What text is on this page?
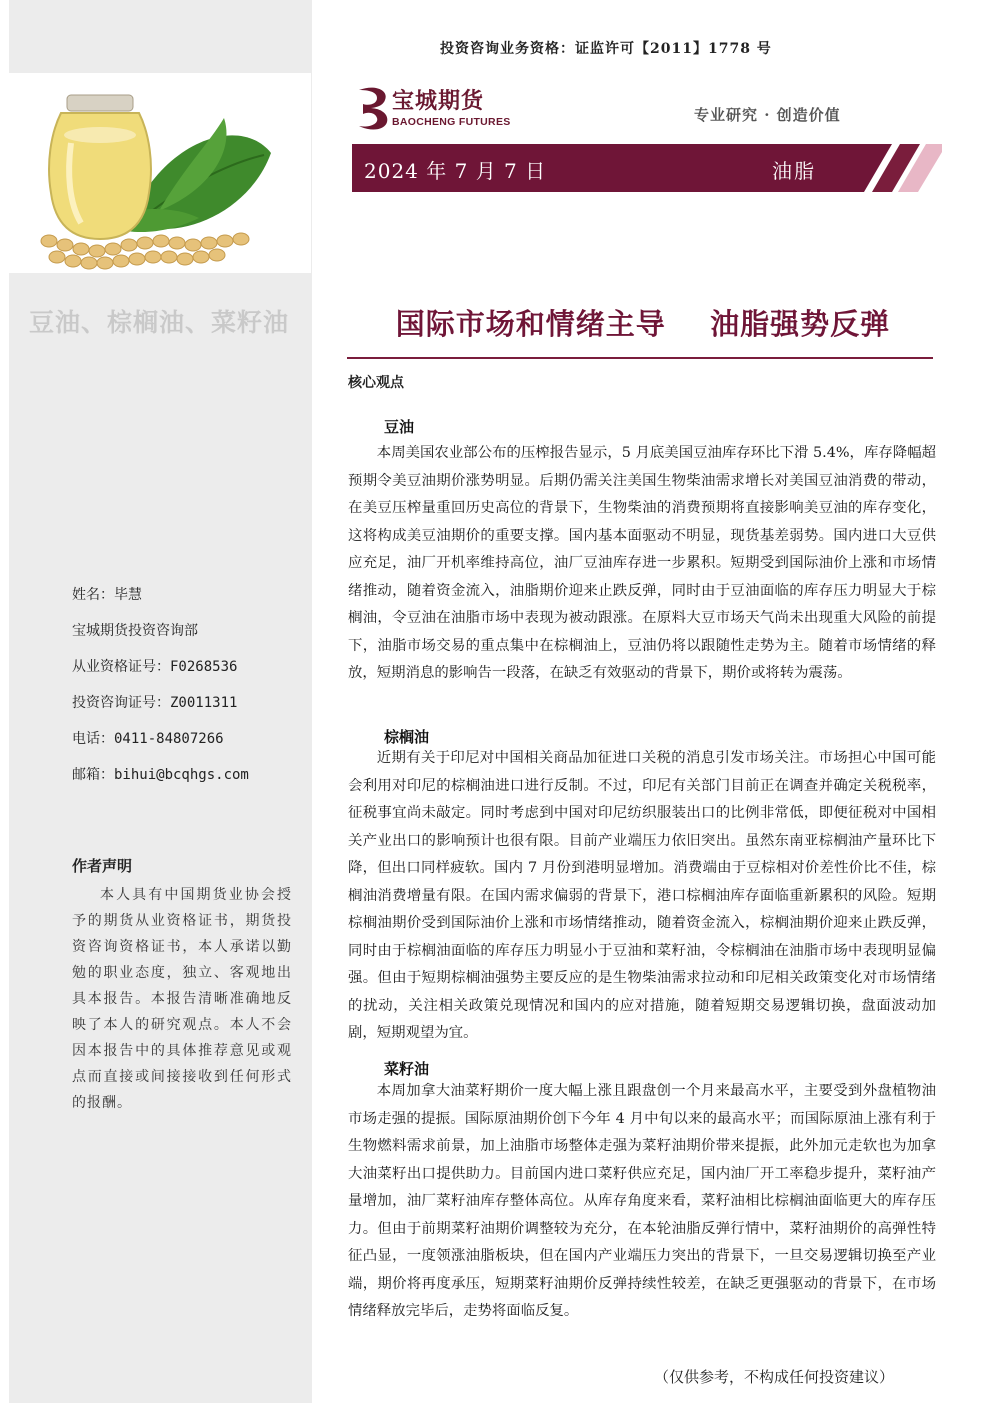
豆油、棕榈油、菜籽油
姓名：毕慧
宝城期货投资咨询部
从业资格证号：F0268536
投资咨询证号：Z0011311
电话：0411-84807266
邮箱：bihui@bcqhgs.com
作者声明
本人具有中国期货业协会授予的期货从业资格证书，期货投资咨询资格证书，本人承诺以勤勉的职业态度，独立、客观地出具本报告。本报告清晰准确地反映了本人的研究观点。本人不会因本报告中的具体推荐意见或观点而直接或间接接收到任何形式的报酬。
投资咨询业务资格：证监许可【2011】1778 号
宝城期货
BAOCHENG FUTURES	专业研究 · 创造价值
2024 年 7 月 7 日	油脂
国际市场和情绪主导    油脂强势反弹
核心观点
豆油
本周美国农业部公布的压榨报告显示，5 月底美国豆油库存环比下滑 5.4%，库存降幅超预期令美豆油期价涨势明显。后期仍需关注美国生物柴油需求增长对美国豆油消费的带动，在美豆压榨量重回历史高位的背景下，生物柴油的消费预期将直接影响美豆油的库存变化，这将构成美豆油期价的重要支撑。国内基本面驱动不明显，现货基差弱势。国内进口大豆供应充足，油厂开机率维持高位，油厂豆油库存进一步累积。短期受到国际油价上涨和市场情绪推动，随着资金流入，油脂期价迎来止跌反弹，同时由于豆油面临的库存压力明显大于棕榈油，令豆油在油脂市场中表现为被动跟涨。在原料大豆市场天气尚未出现重大风险的前提下，油脂市场交易的重点集中在棕榈油上，豆油仍将以跟随性走势为主。随着市场情绪的释放，短期消息的影响告一段落，在缺乏有效驱动的背景下，期价或将转为震荡。
棕榈油
近期有关于印尼对中国相关商品加征进口关税的消息引发市场关注。市场担心中国可能会利用对印尼的棕榈油进口进行反制。不过，印尼有关部门目前正在调查并确定关税税率，征税事宜尚未敲定。同时考虑到中国对印尼纺织服装出口的比例非常低，即便征税对中国相关产业出口的影响预计也很有限。目前产业端压力依旧突出。虽然东南亚棕榈油产量环比下降，但出口同样疲软。国内 7 月份到港明显增加。消费端由于豆棕相对价差性价比不佳，棕榈油消费增量有限。在国内需求偏弱的背景下，港口棕榈油库存面临重新累积的风险。短期棕榈油期价受到国际油价上涨和市场情绪推动，随着资金流入，棕榈油期价迎来止跌反弹，同时由于棕榈油面临的库存压力明显小于豆油和菜籽油，令棕榈油在油脂市场中表现明显偏强。但由于短期棕榈油强势主要反应的是生物柴油需求拉动和印尼相关政策变化对市场情绪的扰动，关注相关政策兑现情况和国内的应对措施，随着短期交易逻辑切换，盘面波动加剧，短期观望为宜。
菜籽油
本周加拿大油菜籽期价一度大幅上涨且跟盘创一个月来最高水平，主要受到外盘植物油市场走强的提振。国际原油期价创下今年 4 月中旬以来的最高水平；而国际原油上涨有利于生物燃料需求前景，加上油脂市场整体走强为菜籽油期价带来提振，此外加元走软也为加拿大油菜籽出口提供助力。目前国内进口菜籽供应充足，国内油厂开工率稳步提升，菜籽油产量增加，油厂菜籽油库存整体高位。从库存角度来看，菜籽油相比棕榈油面临更大的库存压力。但由于前期菜籽油期价调整较为充分，在本轮油脂反弹行情中，菜籽油期价的高弹性特征凸显，一度领涨油脂板块，但在国内产业端压力突出的背景下，一旦交易逻辑切换至产业端，期价将再度承压，短期菜籽油期价反弹持续性较差，在缺乏更强驱动的背景下，在市场情绪释放完毕后，走势将面临反复。
（仅供参考，不构成任何投资建议）
